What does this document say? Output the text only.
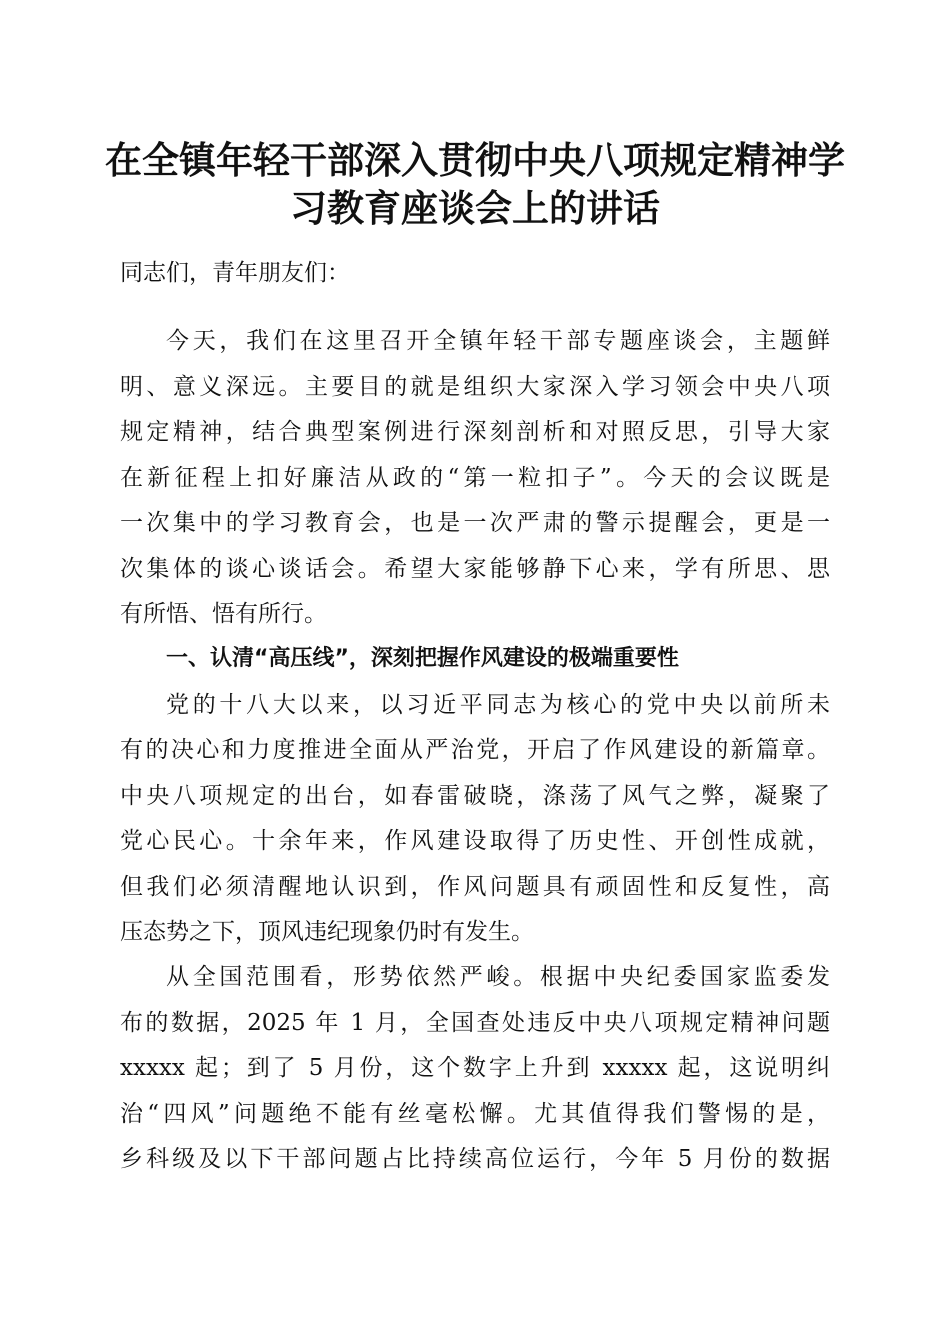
在全镇年轻干部深入贯彻中央八项规定精神学
习教育座谈会上的讲话

同志们，青年朋友们：

今天，我们在这里召开全镇年轻干部专题座谈会，主题鲜

明、意义深远。主要目的就是组织大家深入学习领会中央八项

规定精神，结合典型案例进行深刻剖析和对照反思，引导大家

在新征程上扣好廉洁从政的“第一粒扣子”。今天的会议既是

一次集中的学习教育会，也是一次严肃的警示提醒会，更是一

次集体的谈心谈话会。希望大家能够静下心来，学有所思、思

有所悟、悟有所行。

一、认清“高压线”，深刻把握作风建设的极端重要性

党的十八大以来，以习近平同志为核心的党中央以前所未

有的决心和力度推进全面从严治党，开启了作风建设的新篇章。

中央八项规定的出台，如春雷破晓，涤荡了风气之弊，凝聚了

党心民心。十余年来，作风建设取得了历史性、开创性成就，

但我们必须清醒地认识到，作风问题具有顽固性和反复性，高

压态势之下，顶风违纪现象仍时有发生。

从全国范围看，形势依然严峻。根据中央纪委国家监委发

布的数据，2025 年 1 月，全国查处违反中央八项规定精神问题

xxxxx 起；到了 5 月份，这个数字上升到 xxxxx 起，这说明纠

治“四风”问题绝不能有丝毫松懈。尤其值得我们警惕的是，

乡科级及以下干部问题占比持续高位运行，今年 5 月份的数据
